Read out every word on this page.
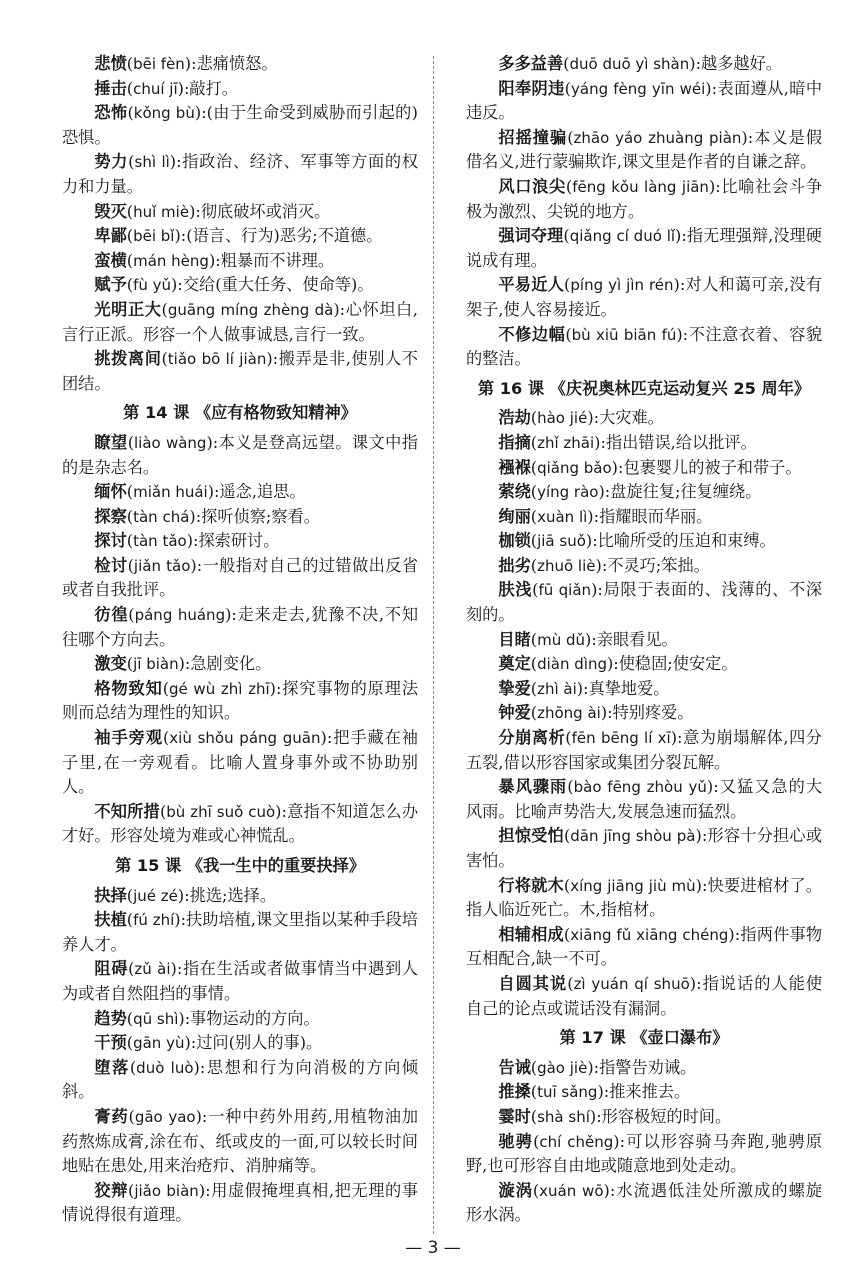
悲愤(bēi fèn):悲痛愤怒。
捶击(chuí jī):敲打。
恐怖(kǒng bù):(由于生命受到威胁而引起的)恐惧。
势力(shì lì):指政治、经济、军事等方面的权力和力量。
毁灭(huǐ miè):彻底破坏或消灭。
卑鄙(bēi bǐ):(语言、行为)恶劣;不道德。
蛮横(mán hèng):粗暴而不讲理。
赋予(fù yǔ):交给(重大任务、使命等)。
光明正大(guāng míng zhèng dà):心怀坦白,言行正派。形容一个人做事诚恳,言行一致。
挑拨离间(tiǎo bō lí jiàn):搬弄是非,使别人不团结。
第 14 课 《应有格物致知精神》
瞭望(liào wàng):本义是登高远望。课文中指的是杂志名。
缅怀(miǎn huái):遥念,追思。
探察(tàn chá):探听侦察;察看。
探讨(tàn tǎo):探索研讨。
检讨(jiǎn tǎo):一般指对自己的过错做出反省或者自我批评。
彷徨(páng huáng):走来走去,犹豫不决,不知往哪个方向去。
激变(jī biàn):急剧变化。
格物致知(gé wù zhì zhī):探究事物的原理法则而总结为理性的知识。
袖手旁观(xiù shǒu páng guān):把手藏在袖子里,在一旁观看。比喻人置身事外或不协助别人。
不知所措(bù zhī suǒ cuò):意指不知道怎么办才好。形容处境为难或心神慌乱。
第 15 课 《我一生中的重要抉择》
抉择(jué zé):挑选;选择。
扶植(fú zhí):扶助培植,课文里指以某种手段培养人才。
阻碍(zǔ ài):指在生活或者做事情当中遇到人为或者自然阻挡的事情。
趋势(qū shì):事物运动的方向。
干预(gān yù):过问(别人的事)。
堕落(duò luò):思想和行为向消极的方向倾斜。
膏药(gāo yao):一种中药外用药,用植物油加药熬炼成膏,涂在布、纸或皮的一面,可以较长时间地贴在患处,用来治疮疖、消肿痛等。
狡辩(jiǎo biàn):用虚假掩埋真相,把无理的事情说得很有道理。
多多益善(duō duō yì shàn):越多越好。
阳奉阴违(yáng fèng yīn wéi):表面遵从,暗中违反。
招摇撞骗(zhāo yáo zhuàng piàn):本义是假借名义,进行蒙骗欺诈,课文里是作者的自谦之辞。
风口浪尖(fēng kǒu làng jiān):比喻社会斗争极为激烈、尖锐的地方。
强词夺理(qiǎng cí duó lǐ):指无理强辩,没理硬说成有理。
平易近人(píng yì jìn rén):对人和蔼可亲,没有架子,使人容易接近。
不修边幅(bù xiū biān fú):不注意衣着、容貌的整洁。
第 16 课 《庆祝奥林匹克运动复兴 25 周年》
浩劫(hào jié):大灾难。
指摘(zhǐ zhāi):指出错误,给以批评。
襁褓(qiǎng bǎo):包裹婴儿的被子和带子。
萦绕(yíng rào):盘旋往复;往复缠绕。
绚丽(xuàn lì):指耀眼而华丽。
枷锁(jiā suǒ):比喻所受的压迫和束缚。
拙劣(zhuō liè):不灵巧;笨拙。
肤浅(fū qiǎn):局限于表面的、浅薄的、不深刻的。
目睹(mù dǔ):亲眼看见。
奠定(diàn dìng):使稳固;使安定。
挚爱(zhì ài):真挚地爱。
钟爱(zhōng ài):特别疼爱。
分崩离析(fēn bēng lí xī):意为崩塌解体,四分五裂,借以形容国家或集团分裂瓦解。
暴风骤雨(bào fēng zhòu yǔ):又猛又急的大风雨。比喻声势浩大,发展急速而猛烈。
担惊受怕(dān jīng shòu pà):形容十分担心或害怕。
行将就木(xíng jiāng jiù mù):快要进棺材了。指人临近死亡。木,指棺材。
相辅相成(xiāng fǔ xiāng chéng):指两件事物互相配合,缺一不可。
自圆其说(zì yuán qí shuō):指说话的人能使自己的论点或谎话没有漏洞。
第 17 课 《壶口瀑布》
告诫(gào jiè):指警告劝诫。
推搡(tuī sǎng):推来推去。
霎时(shà shí):形容极短的时间。
驰骋(chí chěng):可以形容骑马奔跑,驰骋原野,也可形容自由地或随意地到处走动。
漩涡(xuán wō):水流遇低洼处所激成的螺旋形水涡。
— 3 —
